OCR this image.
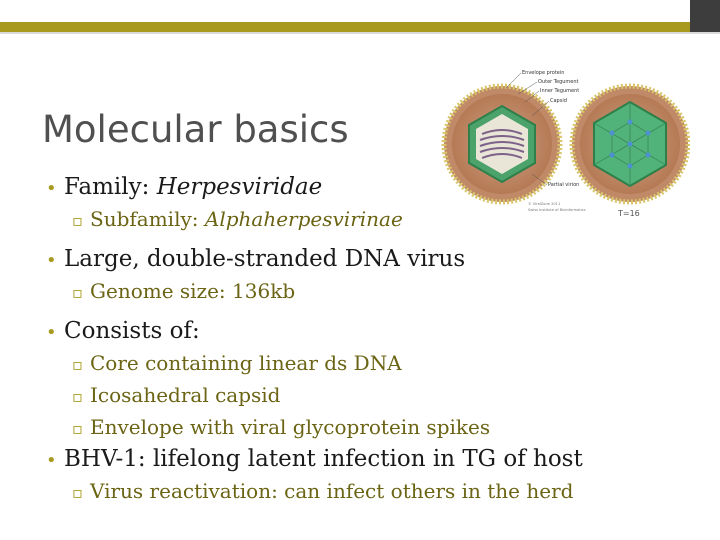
Molecular basics
Envelope protein
Outer Tegument
Inner Tegument
Capsid
Partial virion
© ViralZone 2011
Swiss Institute of Bioinformatics	T=16
• Family: Herpesviridae
▫ Subfamily: Alphaherpesvirinae
• Large, double-stranded DNA virus
▫ Genome size: 136kb
• Consists of:
▫ Core containing linear ds DNA
▫ Icosahedral capsid
▫ Envelope with viral glycoprotein spikes
• BHV-1: lifelong latent infection in TG of host
▫ Virus reactivation: can infect others in the herd
